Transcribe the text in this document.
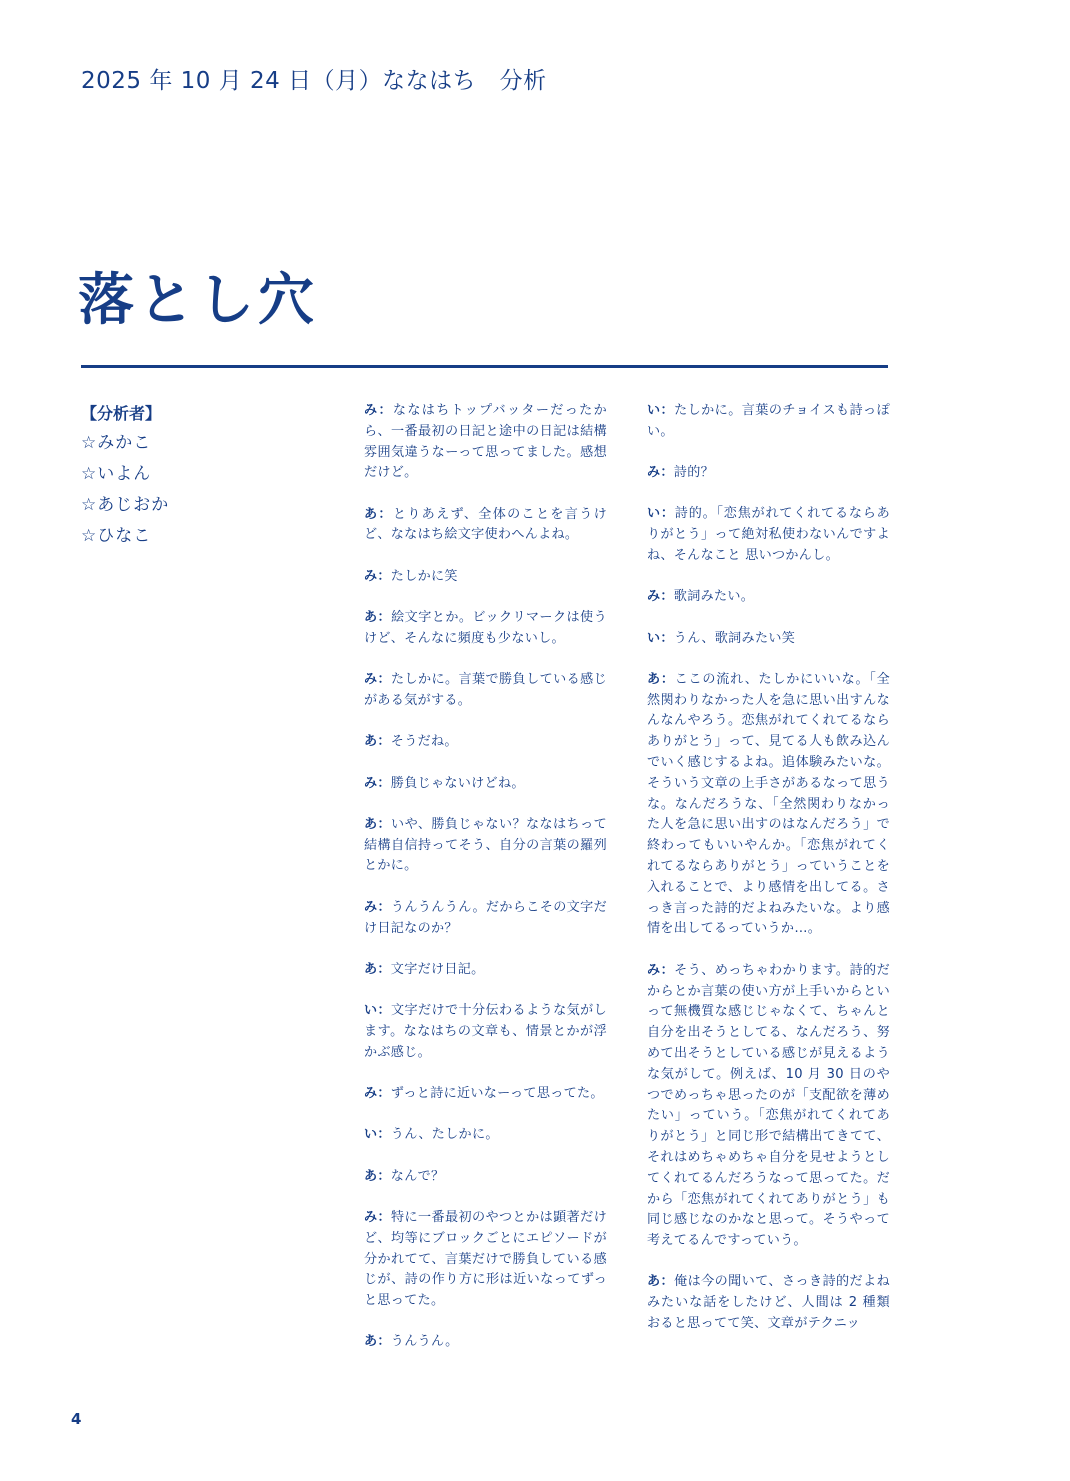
2025 年 10 月 24 日（月）ななはち　分析
落とし穴
【分析者】
☆みかこ
☆いよん
☆あじおか
☆ひなこ

み：ななはちトップバッターだったから、一番最初の日記と途中の日記は結構雰囲気違うなーって思ってました。感想だけど。

あ：とりあえず、全体のことを言うけど、ななはち絵文字使わへんよね。

み：たしかに笑

あ：絵文字とか。ビックリマークは使うけど、そんなに頻度も少ないし。

み：たしかに。言葉で勝負している感じがある気がする。

あ：そうだね。

み：勝負じゃないけどね。

あ：いや、勝負じゃない？ななはちって結構自信持ってそう、自分の言葉の羅列とかに。

み：うんうんうん。だからこその文字だけ日記なのか？

あ：文字だけ日記。

い：文字だけで十分伝わるような気がします。ななはちの文章も、情景とかが浮かぶ感じ。

み：ずっと詩に近いなーって思ってた。

い：うん、たしかに。

あ：なんで？

み：特に一番最初のやつとかは顕著だけど、均等にブロックごとにエピソードが分かれてて、言葉だけで勝負している感じが、詩の作り方に形は近いなってずっと思ってた。

あ：うんうん。

い：たしかに。言葉のチョイスも詩っぽい。

み：詩的？

い：詩的。「恋焦がれてくれてるならありがとう」って絶対私使わないんですよね、そんなこと 思いつかんし。

み：歌詞みたい。

い：うん、歌詞みたい笑

あ：ここの流れ、たしかにいいな。「全然関わりなかった人を急に思い出すんなんなんやろう。恋焦がれてくれてるならありがとう」って、見てる人も飲み込んでいく感じするよね。追体験みたいな。そういう文章の上手さがあるなって思うな。なんだろうな、「全然関わりなかった人を急に思い出すのはなんだろう」で終わってもいいやんか。「恋焦がれてくれてるならありがとう」っていうことを入れることで、より感情を出してる。さっき言った詩的だよねみたいな。より感情を出してるっていうか…。

み：そう、めっちゃわかります。詩的だからとか言葉の使い方が上手いからといって無機質な感じじゃなくて、ちゃんと自分を出そうとしてる、なんだろう、努めて出そうとしている感じが見えるような気がして。例えば、10 月 30 日のやつでめっちゃ思ったのが「支配欲を薄めたい」っていう。「恋焦がれてくれてありがとう」と同じ形で結構出てきてて、それはめちゃめちゃ自分を見せようとしてくれてるんだろうなって思ってた。だから「恋焦がれてくれてありがとう」も同じ感じなのかなと思って。そうやって考えてるんですっていう。

あ：俺は今の聞いて、さっき詩的だよねみたいな話をしたけど、人間は 2 種類おると思ってて笑、文章がテクニッ

4
